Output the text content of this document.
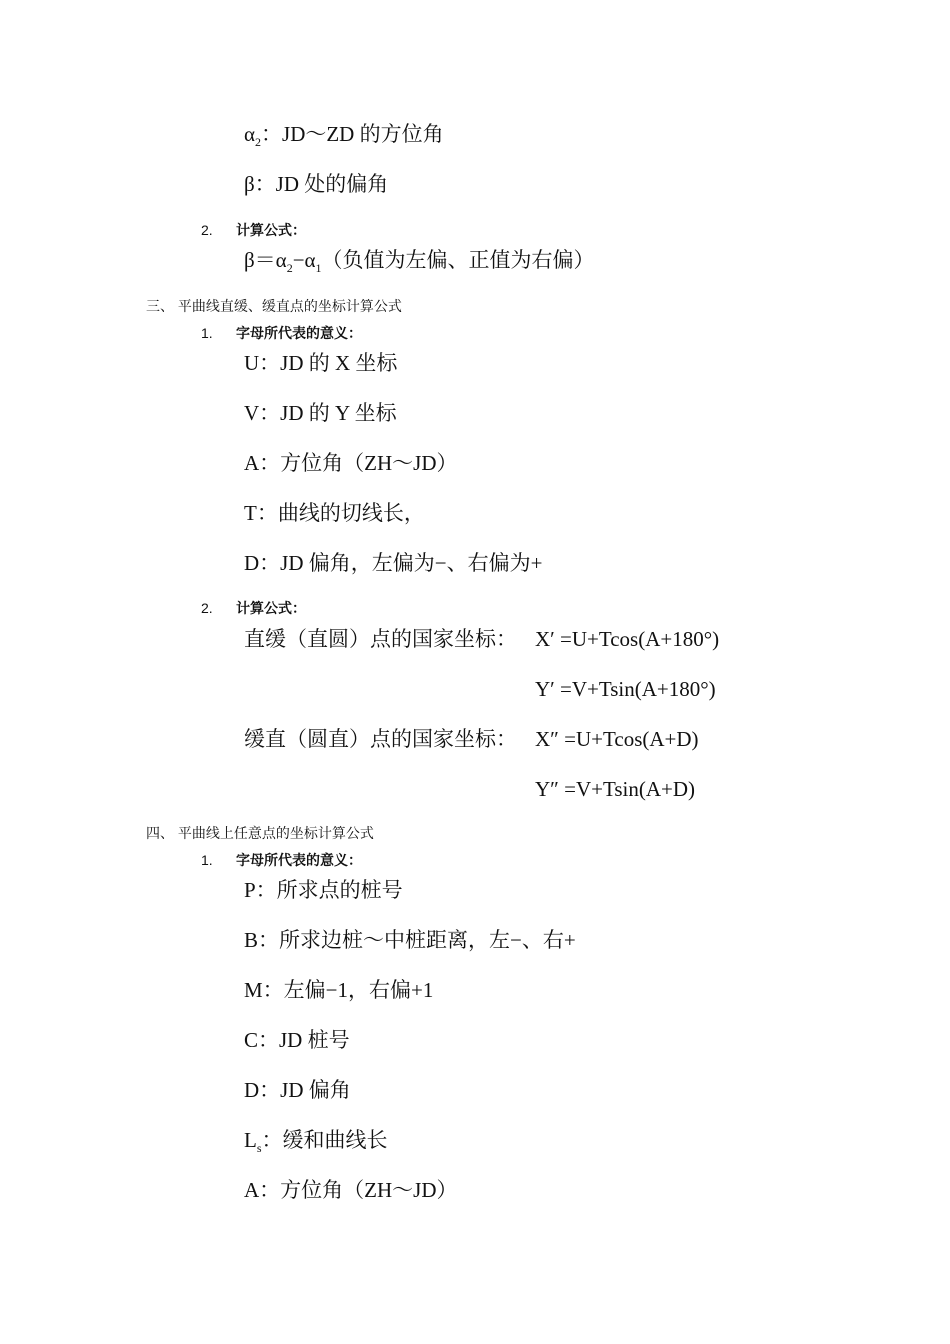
$\alpha_2$：JD～ZD 的方位角
β：JD 处的偏角
2. 计算公式：
$\beta=\alpha_2-\alpha_1$（负值为左偏、正值为右偏）
三、 平曲线直缓、缓直点的坐标计算公式
1. 字母所代表的意义：
U：JD 的 X 坐标
V：JD 的 Y 坐标
A：方位角（ZH～JD）
T：曲线的切线长，
D：JD 偏角，左偏为−、右偏为+
2. 计算公式：
直缓（直圆）点的国家坐标： X′ =U+Tcos(A+180°)
Y′ =V+Tsin(A+180°)
缓直（圆直）点的国家坐标： X″ =U+Tcos(A+D)
Y″ =V+Tsin(A+D)
四、 平曲线上任意点的坐标计算公式
1. 字母所代表的意义：
P：所求点的桩号
B：所求边桩～中桩距离，左−、右+
M：左偏−1，右偏+1
C：JD 桩号
D：JD 偏角
$L_s$：缓和曲线长
A：方位角（ZH～JD）
